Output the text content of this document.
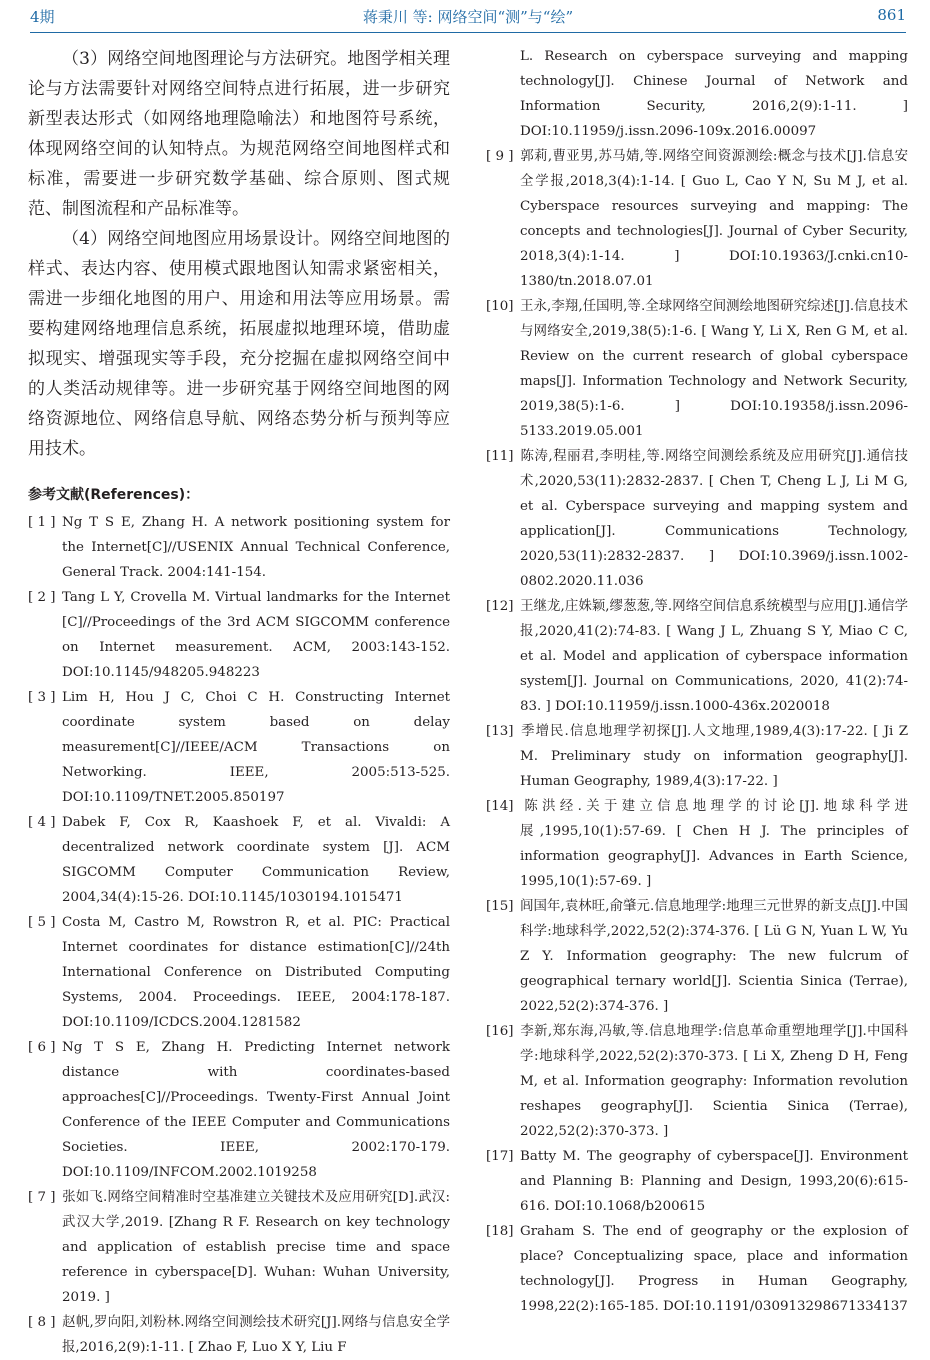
4期	蒋秉川 等: 网络空间“测”与“绘”	861

（3）网络空间地图理论与方法研究。地图学相关理论与方法需要针对网络空间特点进行拓展，进一步研究新型表达形式（如网络地理隐喻法）和地图符号系统，体现网络空间的认知特点。为规范网络空间地图样式和标准，需要进一步研究数学基础、综合原则、图式规范、制图流程和产品标准等。

（4）网络空间地图应用场景设计。网络空间地图的样式、表达内容、使用模式跟地图认知需求紧密相关，需进一步细化地图的用户、用途和用法等应用场景。需要构建网络地理信息系统，拓展虚拟地理环境，借助虚拟现实、增强现实等手段，充分挖掘在虚拟网络空间中的人类活动规律等。进一步研究基于网络空间地图的网络资源地位、网络信息导航、网络态势分析与预判等应用技术。

参考文献(References)：

[ 1 ] Ng T S E, Zhang H. A network positioning system for the Internet[C]//USENIX Annual Technical Conference, General Track. 2004:141-154.

[ 2 ] Tang L Y, Crovella M. Virtual landmarks for the Internet [C]//Proceedings of the 3rd ACM SIGCOMM conference on Internet measurement. ACM, 2003:143-152. DOI:10.1145/948205.948223

[ 3 ] Lim H, Hou J C, Choi C H. Constructing Internet coordinate system based on delay measurement[C]//IEEE/ACM Transactions on Networking. IEEE, 2005:513-525. DOI:10.1109/TNET.2005.850197

[ 4 ] Dabek F, Cox R, Kaashoek F, et al. Vivaldi: A decentralized network coordinate system [J]. ACM SIGCOMM Computer Communication Review, 2004,34(4):15-26. DOI:10.1145/1030194.1015471

[ 5 ] Costa M, Castro M, Rowstron R, et al. PIC: Practical Internet coordinates for distance estimation[C]//24th International Conference on Distributed Computing Systems, 2004. Proceedings. IEEE, 2004:178-187. DOI:10.1109/ICDCS.2004.1281582

[ 6 ] Ng T S E, Zhang H. Predicting Internet network distance with coordinates-based approaches[C]//Proceedings. Twenty-First Annual Joint Conference of the IEEE Computer and Communications Societies. IEEE, 2002:170-179. DOI:10.1109/INFCOM.2002.1019258

[ 7 ] 张如飞.网络空间精准时空基准建立关键技术及应用研究[D].武汉:武汉大学,2019. [Zhang R F. Research on key technology and application of establish precise time and space reference in cyberspace[D]. Wuhan: Wuhan University, 2019. ]

[ 8 ] 赵帆,罗向阳,刘粉林.网络空间测绘技术研究[J].网络与信息安全学报,2016,2(9):1-11. [ Zhao F, Luo X Y, Liu F

L. Research on cyberspace surveying and mapping technology[J]. Chinese Journal of Network and Information Security, 2016,2(9):1-11. ] DOI:10.11959/j.issn.2096-109x.2016.00097

[ 9 ] 郭莉,曹亚男,苏马婧,等.网络空间资源测绘:概念与技术[J].信息安全学报,2018,3(4):1-14. [ Guo L, Cao Y N, Su M J, et al. Cyberspace resources surveying and mapping: The concepts and technologies[J]. Journal of Cyber Security, 2018,3(4):1-14. ] DOI:10.19363/J.cnki.cn10-1380/tn.2018.07.01

[10] 王永,李翔,任国明,等.全球网络空间测绘地图研究综述[J].信息技术与网络安全,2019,38(5):1-6. [ Wang Y, Li X, Ren G M, et al. Review on the current research of global cyberspace maps[J]. Information Technology and Network Security, 2019,38(5):1-6. ] DOI:10.19358/j.issn.2096-5133.2019.05.001

[11] 陈涛,程丽君,李明桂,等.网络空间测绘系统及应用研究[J].通信技术,2020,53(11):2832-2837. [ Chen T, Cheng L J, Li M G, et al. Cyberspace surveying and mapping system and application[J]. Communications Technology, 2020,53(11):2832-2837. ] DOI:10.3969/j.issn.1002-0802.2020.11.036

[12] 王继龙,庄姝颖,缪葱葱,等.网络空间信息系统模型与应用[J].通信学报,2020,41(2):74-83. [ Wang J L, Zhuang S Y, Miao C C, et al. Model and application of cyberspace information system[J]. Journal on Communications, 2020, 41(2):74-83. ] DOI:10.11959/j.issn.1000-436x.2020018

[13] 季增民.信息地理学初探[J].人文地理,1989,4(3):17-22. [ Ji Z M. Preliminary study on information geography[J]. Human Geography, 1989,4(3):17-22. ]

[14] 陈洪经.关于建立信息地理学的讨论[J].地球科学进展,1995,10(1):57-69. [ Chen H J. The principles of information geography[J]. Advances in Earth Science, 1995,10(1):57-69. ]

[15] 闾国年,袁林旺,俞肇元.信息地理学:地理三元世界的新支点[J].中国科学:地球科学,2022,52(2):374-376. [ Lü G N, Yuan L W, Yu Z Y. Information geography: The new fulcrum of geographical ternary world[J]. Scientia Sinica (Terrae), 2022,52(2):374-376. ]

[16] 李新,郑东海,冯敏,等.信息地理学:信息革命重塑地理学[J].中国科学:地球科学,2022,52(2):370-373. [ Li X, Zheng D H, Feng M, et al. Information geography: Information revolution reshapes geography[J]. Scientia Sinica (Terrae), 2022,52(2):370-373. ]

[17] Batty M. The geography of cyberspace[J]. Environment and Planning B: Planning and Design, 1993,20(6):615-616. DOI:10.1068/b200615

[18] Graham S. The end of geography or the explosion of place? Conceptualizing space, place and information technology[J]. Progress in Human Geography, 1998,22(2):165-185. DOI:10.1191/030913298671334137
